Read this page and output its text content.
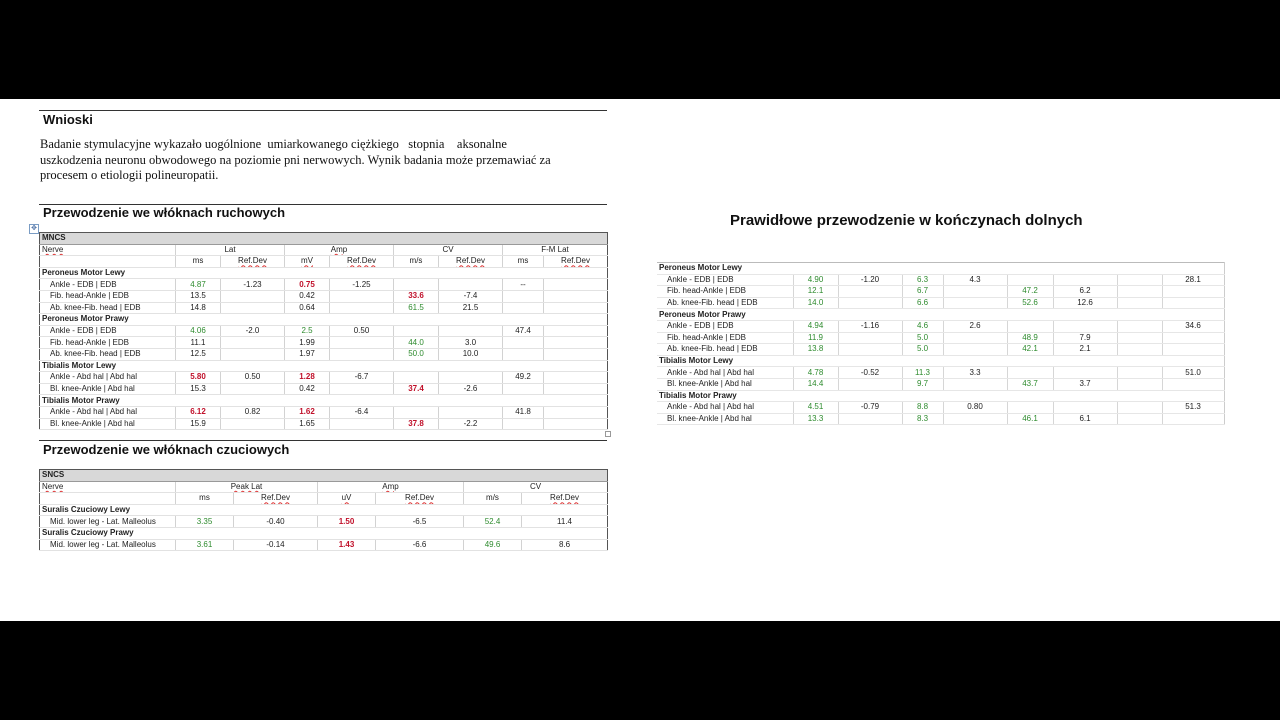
Wnioski
Badanie stymulacyjne wykazało uogólnione  umiarkowanego ciężkiego   stopnia    aksonalne
uszkodzenia neuronu obwodowego na poziomie pni nerwowych. Wynik badania może przemawiać za
procesem o etiologii polineuropatii.
Przewodzenie we włóknach ruchowych
✥
MNCS								
Nerve	Lat		Amp		CV		F-M Lat	
	ms	Ref.Dev	mV	Ref.Dev	m/s	Ref.Dev	ms	Ref.Dev
Peroneus Motor Lewy								
Ankle - EDB | EDB	4.87	-1.23	0.75	-1.25			--	
Fib. head-Ankle | EDB	13.5		0.42		33.6	-7.4		
Ab. knee-Fib. head | EDB	14.8		0.64		61.5	21.5		
Peroneus Motor Prawy								
Ankle - EDB | EDB	4.06	-2.0	2.5	0.50			47.4	
Fib. head-Ankle | EDB	11.1		1.99		44.0	3.0		
Ab. knee-Fib. head | EDB	12.5		1.97		50.0	10.0		
Tibialis Motor Lewy								
Ankle - Abd hal | Abd hal	5.80	0.50	1.28	-6.7			49.2	
Bl. knee-Ankle | Abd hal	15.3		0.42		37.4	-2.6		
Tibialis Motor Prawy								
Ankle - Abd hal | Abd hal	6.12	0.82	1.62	-6.4			41.8	
Bl. knee-Ankle | Abd hal	15.9		1.65		37.8	-2.2		
Przewodzenie we włóknach czuciowych
SNCS						
Nerve	Peak Lat		Amp		CV	
	ms	Ref.Dev	uV	Ref.Dev	m/s	Ref.Dev
Suralis Czuciowy Lewy						
Mid. lower leg - Lat. Malleolus	3.35	-0.40	1.50	-6.5	52.4	11.4
Suralis Czuciowy Prawy						
Mid. lower leg - Lat. Malleolus	3.61	-0.14	1.43	-6.6	49.6	8.6
Prawidłowe przewodzenie w kończynach dolnych
Peroneus Motor Lewy								
Ankle - EDB | EDB	4.90	-1.20	6.3	4.3				28.1
Fib. head-Ankle | EDB	12.1		6.7		47.2	6.2		
Ab. knee-Fib. head | EDB	14.0		6.6		52.6	12.6		
Peroneus Motor Prawy								
Ankle - EDB | EDB	4.94	-1.16	4.6	2.6				34.6
Fib. head-Ankle | EDB	11.9		5.0		48.9	7.9		
Ab. knee-Fib. head | EDB	13.8		5.0		42.1	2.1		
Tibialis Motor Lewy								
Ankle - Abd hal | Abd hal	4.78	-0.52	11.3	3.3				51.0
Bl. knee-Ankle | Abd hal	14.4		9.7		43.7	3.7		
Tibialis Motor Prawy								
Ankle - Abd hal | Abd hal	4.51	-0.79	8.8	0.80				51.3
Bl. knee-Ankle | Abd hal	13.3		8.3		46.1	6.1		
